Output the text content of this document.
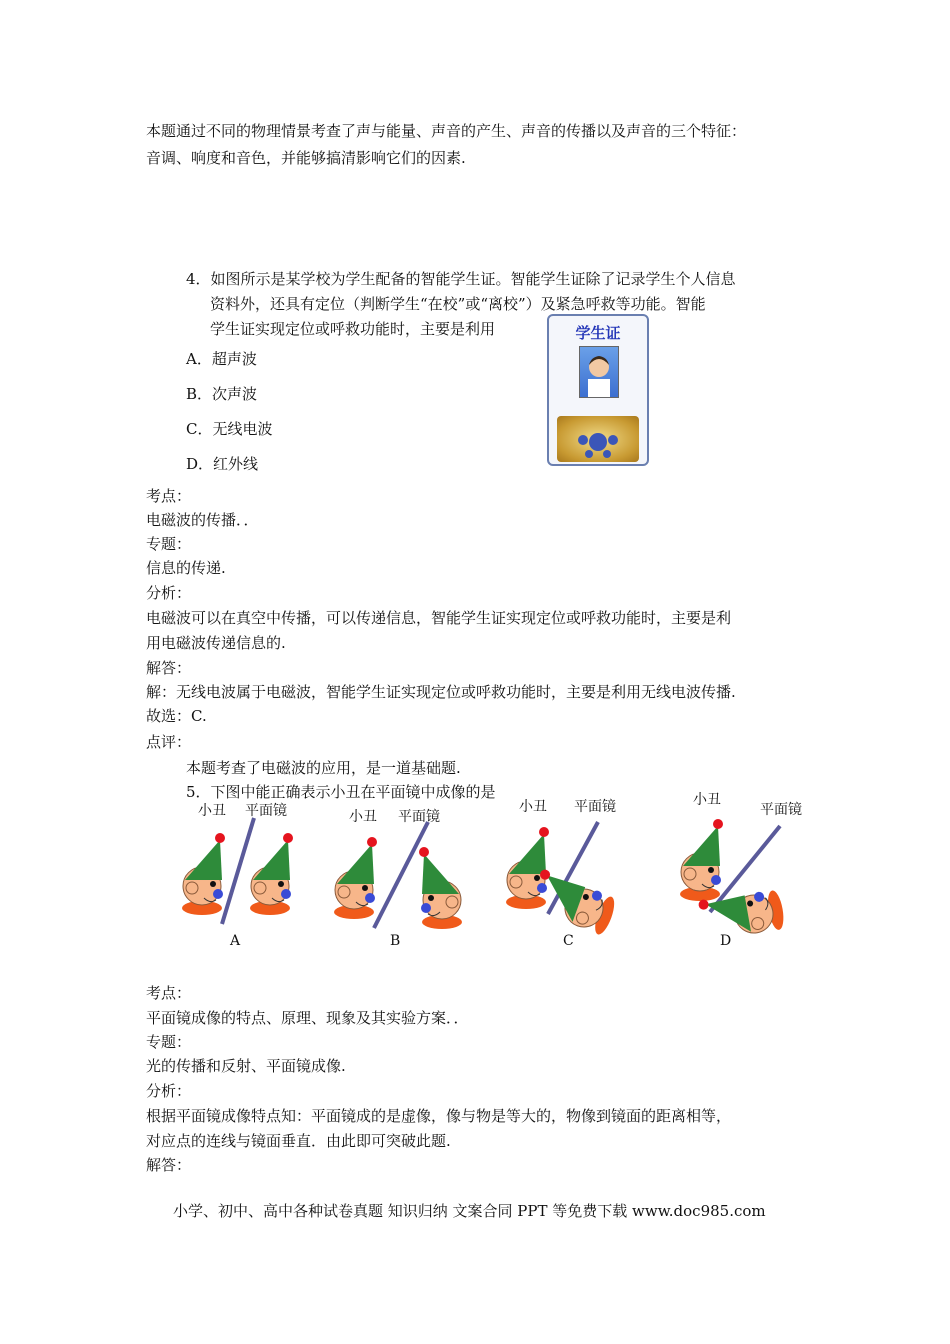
本题通过不同的物理情景考查了声与能量、声音的产生、声音的传播以及声音的三个特征：
音调、响度和音色，并能够搞清影响它们的因素.
4．如图所示是某学校为学生配备的智能学生证。智能学生证除了记录学生个人信息
资料外，还具有定位（判断学生“在校”或“离校”）及紧急呼救等功能。智能
学生证实现定位或呼救功能时，主要是利用
A．超声波
B．次声波
C．无线电波
D．红外线
学生证
考点：
电磁波的传播．．
专题：
信息的传递.
分析：
电磁波可以在真空中传播，可以传递信息，智能学生证实现定位或呼救功能时，主要是利
用电磁波传递信息的.
解答：
解：无线电波属于电磁波，智能学生证实现定位或呼救功能时，主要是利用无线电波传播.
故选：C.
点评：
本题考查了电磁波的应用，是一道基础题.
5．下图中能正确表示小丑在平面镜中成像的是
小丑 平面镜	小丑 平面镜
小丑 平面镜	小丑
平面镜
A	B	C	D
考点：
平面镜成像的特点、原理、现象及其实验方案．．
专题：
光的传播和反射、平面镜成像.
分析：
根据平面镜成像特点知：平面镜成的是虚像，像与物是等大的，物像到镜面的距离相等，
对应点的连线与镜面垂直．由此即可突破此题.
解答：
小学、初中、高中各种试卷真题 知识归纳 文案合同 PPT 等免费下载 www.doc985.com
